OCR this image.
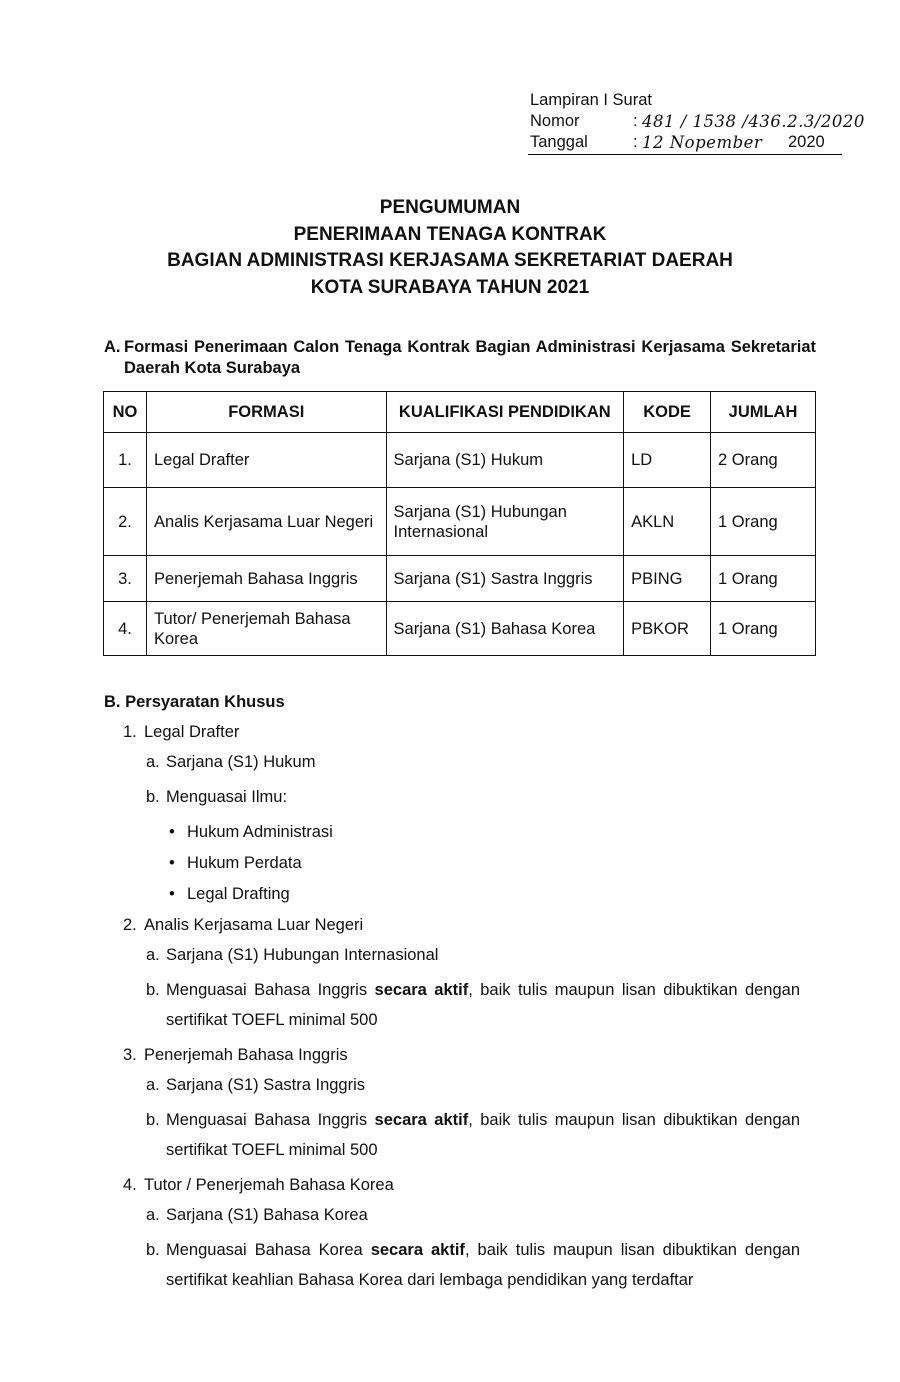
Lampiran I Surat
Nomor	: 481 / 1538 /436.2.3/2020
Tanggal	: 12 Nopember 2020
PENGUMUMAN
PENERIMAAN TENAGA KONTRAK
BAGIAN ADMINISTRASI KERJASAMA SEKRETARIAT DAERAH
KOTA SURABAYA TAHUN 2021
A. Formasi Penerimaan Calon Tenaga Kontrak Bagian Administrasi Kerjasama Sekretariat Daerah Kota Surabaya
NO	FORMASI	KUALIFIKASI PENDIDIKAN	KODE	JUMLAH
1.	Legal Drafter	Sarjana (S1) Hukum	LD	2 Orang
2.	Analis Kerjasama Luar Negeri	Sarjana (S1) Hubungan Internasional	AKLN	1 Orang
3.	Penerjemah Bahasa Inggris	Sarjana (S1) Sastra Inggris	PBING	1 Orang
4.	Tutor/ Penerjemah Bahasa Korea	Sarjana (S1) Bahasa Korea	PBKOR	1 Orang
B. Persyaratan Khusus
1. Legal Drafter
a. Sarjana (S1) Hukum
b. Menguasai Ilmu:
• Hukum Administrasi
• Hukum Perdata
• Legal Drafting
2. Analis Kerjasama Luar Negeri
a. Sarjana (S1) Hubungan Internasional
b. Menguasai Bahasa Inggris secara aktif, baik tulis maupun lisan dibuktikan dengan sertifikat TOEFL minimal 500
3. Penerjemah Bahasa Inggris
a. Sarjana (S1) Sastra Inggris
b. Menguasai Bahasa Inggris secara aktif, baik tulis maupun lisan dibuktikan dengan sertifikat TOEFL minimal 500
4. Tutor / Penerjemah Bahasa Korea
a. Sarjana (S1) Bahasa Korea
b. Menguasai Bahasa Korea secara aktif, baik tulis maupun lisan dibuktikan dengan sertifikat keahlian Bahasa Korea dari lembaga pendidikan yang terdaftar
